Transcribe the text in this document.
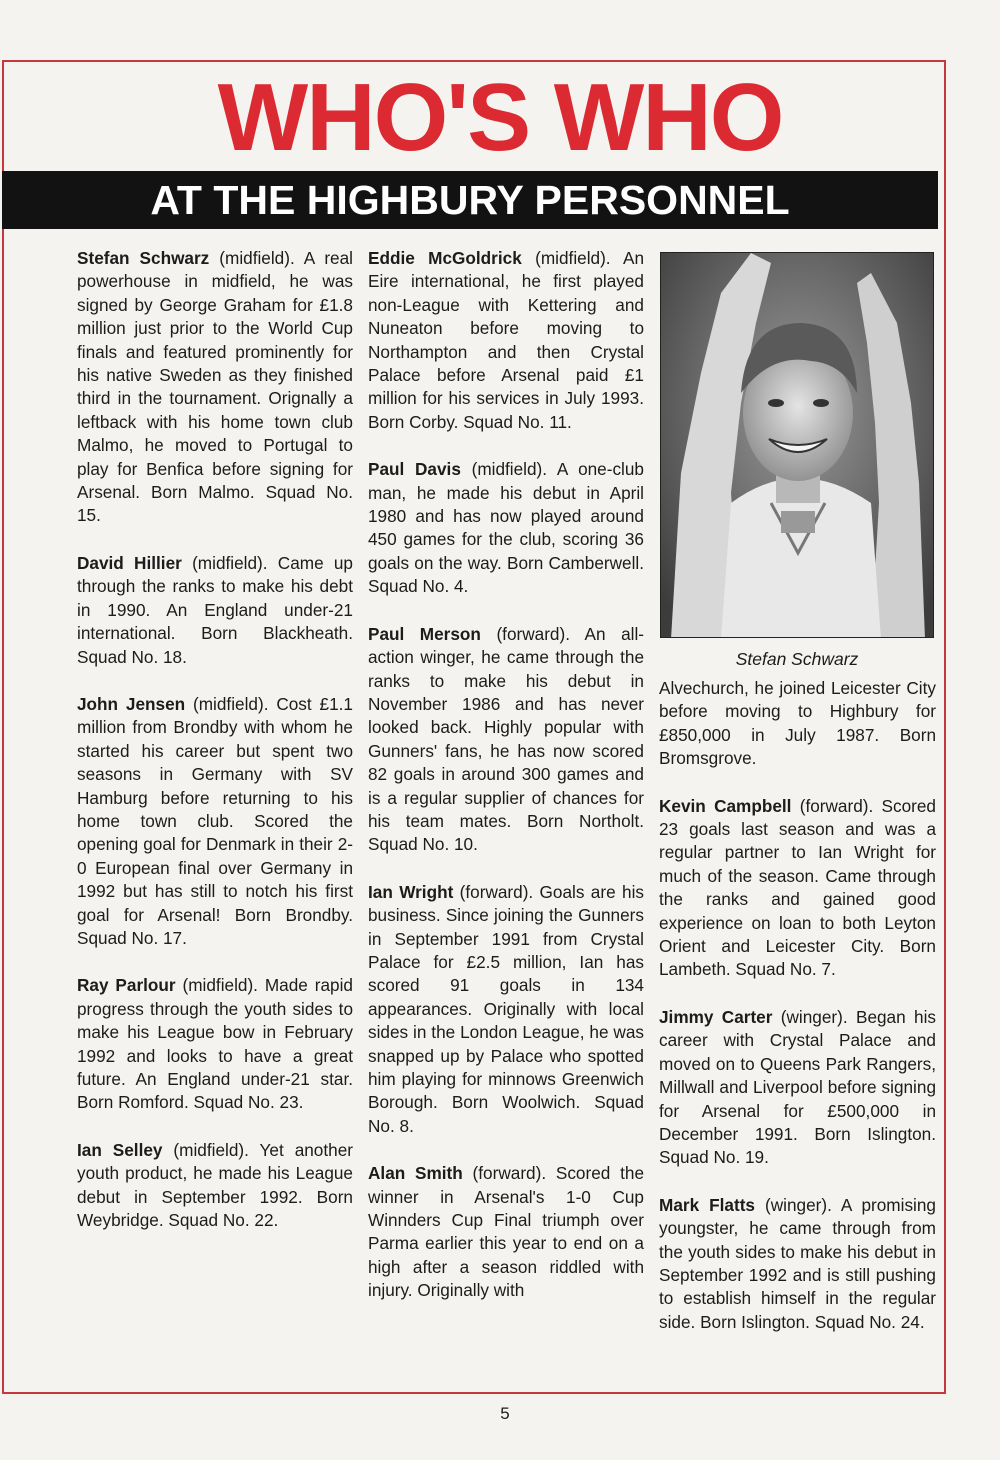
WHO'S WHO
AT THE HIGHBURY PERSONNEL

Stefan Schwarz (midfield). A real powerhouse in midfield, he was signed by George Graham for £1.8 million just prior to the World Cup finals and featured prominently for his native Sweden as they finished third in the tournament. Orignally a leftback with his home town club Malmo, he moved to Portugal to play for Benfica before signing for Arsenal. Born Malmo. Squad No. 15.

David Hillier (midfield). Came up through the ranks to make his debt in 1990. An England under-21 international. Born Blackheath. Squad No. 18.

John Jensen (midfield). Cost £1.1 million from Brondby with whom he started his career but spent two seasons in Germany with SV Hamburg before returning to his home town club. Scored the opening goal for Denmark in their 2-0 European final over Germany in 1992 but has still to notch his first goal for Arsenal! Born Brondby. Squad No. 17.

Ray Parlour (midfield). Made rapid progress through the youth sides to make his League bow in February 1992 and looks to have a great future. An England under-21 star. Born Romford. Squad No. 23.

Ian Selley (midfield). Yet another youth product, he made his League debut in September 1992. Born Weybridge. Squad No. 22.

Eddie McGoldrick (midfield). An Eire international, he first played non-League with Kettering and Nuneaton before moving to Northampton and then Crystal Palace before Arsenal paid £1 million for his services in July 1993. Born Corby. Squad No. 11.

Paul Davis (midfield). A one-club man, he made his debut in April 1980 and has now played around 450 games for the club, scoring 36 goals on the way. Born Camberwell. Squad No. 4.

Paul Merson (forward). An all-action winger, he came through the ranks to make his debut in November 1986 and has never looked back. Highly popular with Gunners' fans, he has now scored 82 goals in around 300 games and is a regular supplier of chances for his team mates. Born Northolt. Squad No. 10.

Ian Wright (forward). Goals are his business. Since joining the Gunners in September 1991 from Crystal Palace for £2.5 million, Ian has scored 91 goals in 134 appearances. Originally with local sides in the London League, he was snapped up by Palace who spotted him playing for minnows Greenwich Borough. Born Woolwich. Squad No. 8.

Alan Smith (forward). Scored the winner in Arsenal's 1-0 Cup Winnders Cup Final triumph over Parma earlier this year to end on a high after a season riddled with injury. Originally with

Stefan Schwarz

Alvechurch, he joined Leicester City before moving to Highbury for £850,000 in July 1987. Born Bromsgrove.

Kevin Campbell (forward). Scored 23 goals last season and was a regular partner to Ian Wright for much of the season. Came through the ranks and gained good experience on loan to both Leyton Orient and Leicester City. Born Lambeth. Squad No. 7.

Jimmy Carter (winger). Began his career with Crystal Palace and moved on to Queens Park Rangers, Millwall and Liverpool before signing for Arsenal for £500,000 in December 1991. Born Islington. Squad No. 19.

Mark Flatts (winger). A promising youngster, he came through from the youth sides to make his debut in September 1992 and is still pushing to establish himself in the regular side. Born Islington. Squad No. 24.

5
